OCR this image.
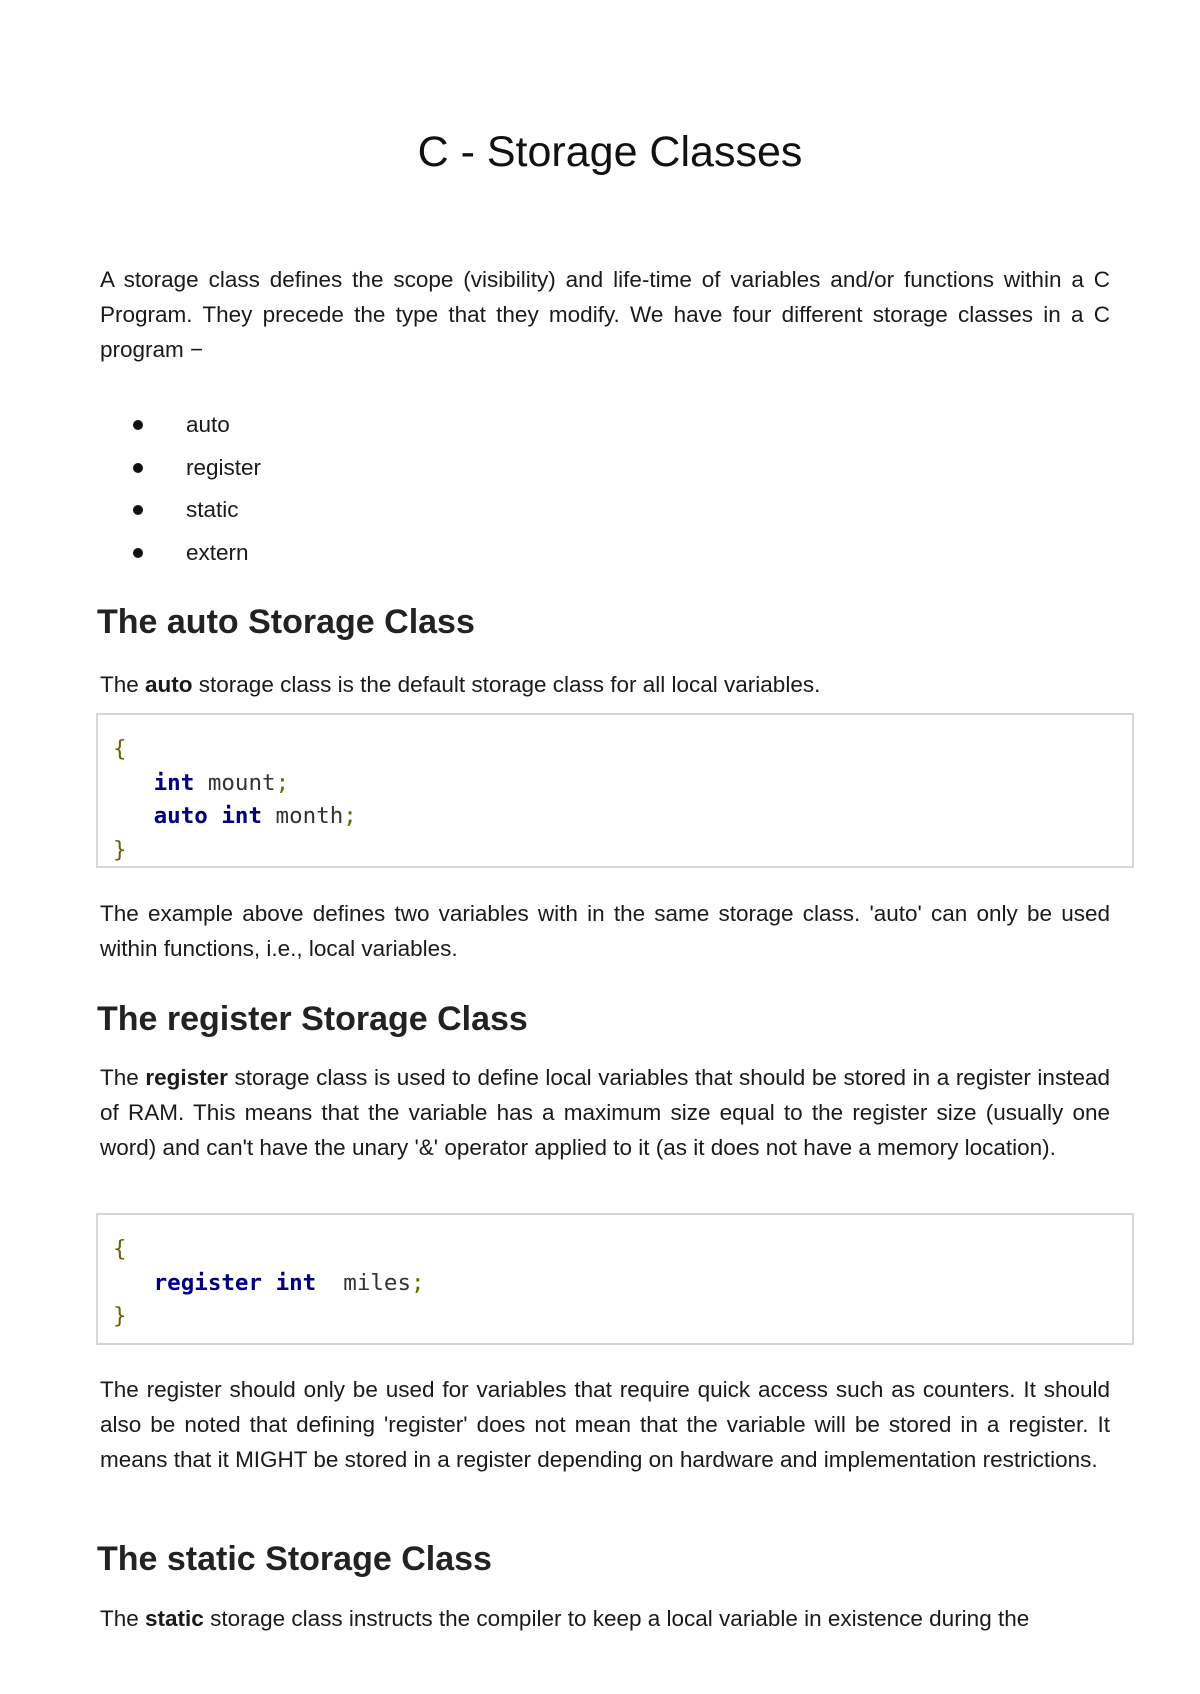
C - Storage Classes

A storage class defines the scope (visibility) and life-time of variables and/or functions within a C Program. They precede the type that they modify. We have four different storage classes in a C program −

auto
register
static
extern
The auto Storage Class

The auto storage class is the default storage class for all local variables.

{
int mount;
auto int month;
}

The example above defines two variables with in the same storage class. 'auto' can only be used within functions, i.e., local variables.

The register Storage Class

The register storage class is used to define local variables that should be stored in a register instead of RAM. This means that the variable has a maximum size equal to the register size (usually one word) and can't have the unary '&' operator applied to it (as it does not have a memory location).

{
register int  miles;
}

The register should only be used for variables that require quick access such as counters. It should also be noted that defining 'register' does not mean that the variable will be stored in a register. It means that it MIGHT be stored in a register depending on hardware and implementation restrictions.

The static Storage Class

The static storage class instructs the compiler to keep a local variable in existence during the
